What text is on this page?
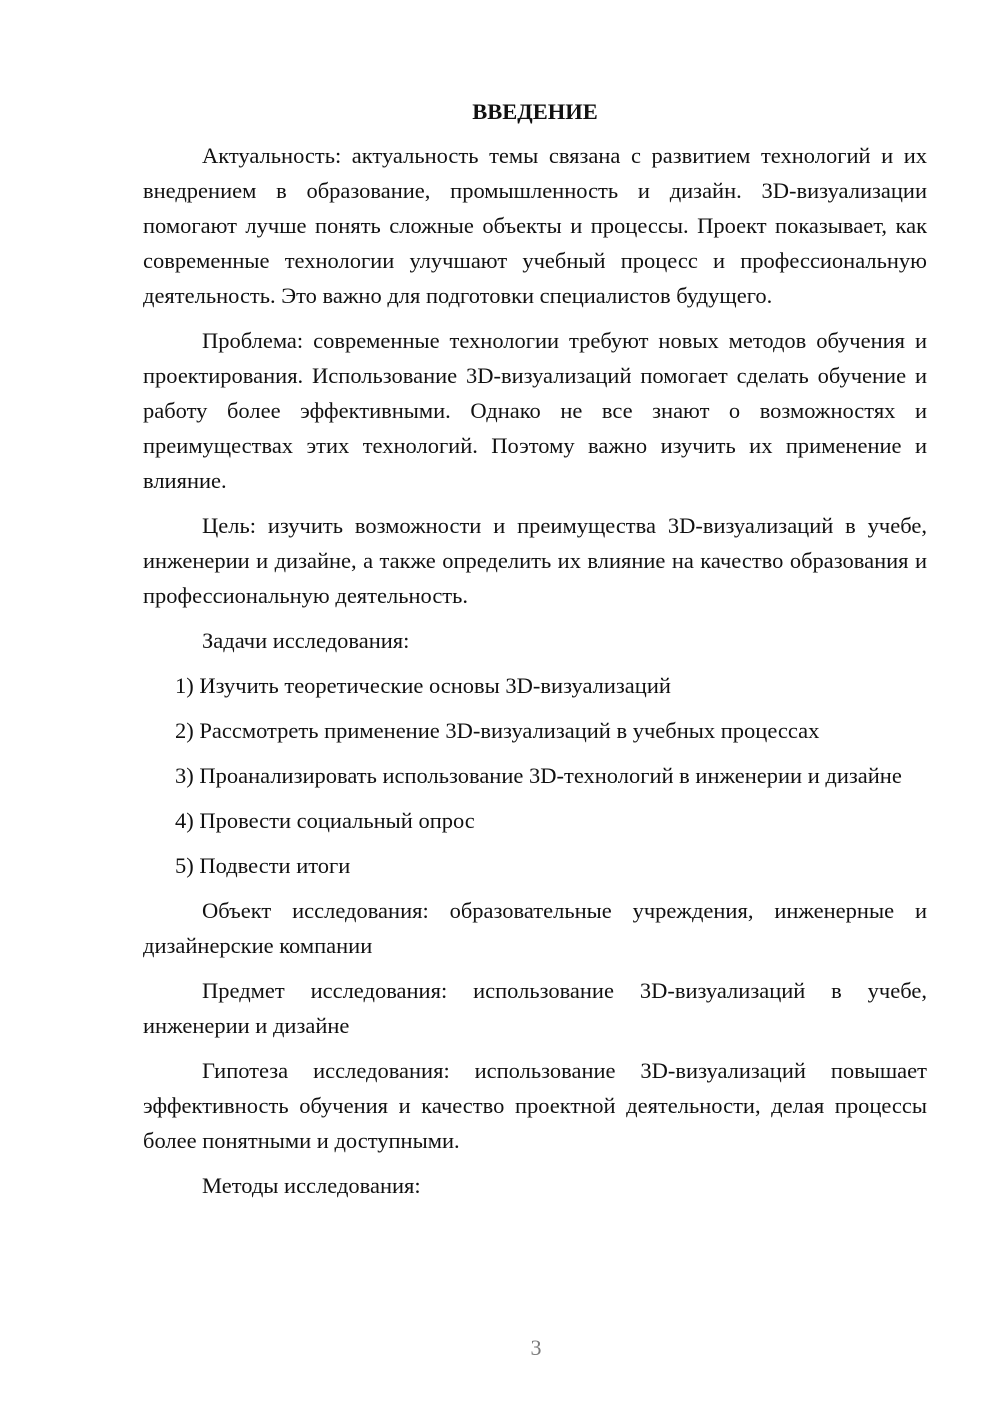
ВВЕДЕНИЕ

Актуальность: актуальность темы связана с развитием технологий и их внедрением в образование, промышленность и дизайн. 3D-визуализации помогают лучше понять сложные объекты и процессы. Проект показывает, как современные технологии улучшают учебный процесс и профессиональную деятельность. Это важно для подготовки специалистов будущего.

Проблема: современные технологии требуют новых методов обучения и проектирования. Использование 3D-визуализаций помогает сделать обучение и работу более эффективными. Однако не все знают о возможностях и преимуществах этих технологий. Поэтому важно изучить их применение и влияние.

Цель: изучить возможности и преимущества 3D-визуализаций в учебе, инженерии и дизайне, а также определить их влияние на качество образования и профессиональную деятельность.

Задачи исследования:

1) Изучить теоретические основы 3D-визуализаций

2) Рассмотреть применение 3D-визуализаций в учебных процессах

3) Проанализировать использование 3D-технологий в инженерии и дизайне

4) Провести социальный опрос

5) Подвести итоги

Объект исследования: образовательные учреждения, инженерные и дизайнерские компании

Предмет исследования: использование 3D-визуализаций в учебе, инженерии и дизайне

Гипотеза исследования: использование 3D-визуализаций повышает эффективность обучения и качество проектной деятельности, делая процессы более понятными и доступными.

Методы исследования:

3
